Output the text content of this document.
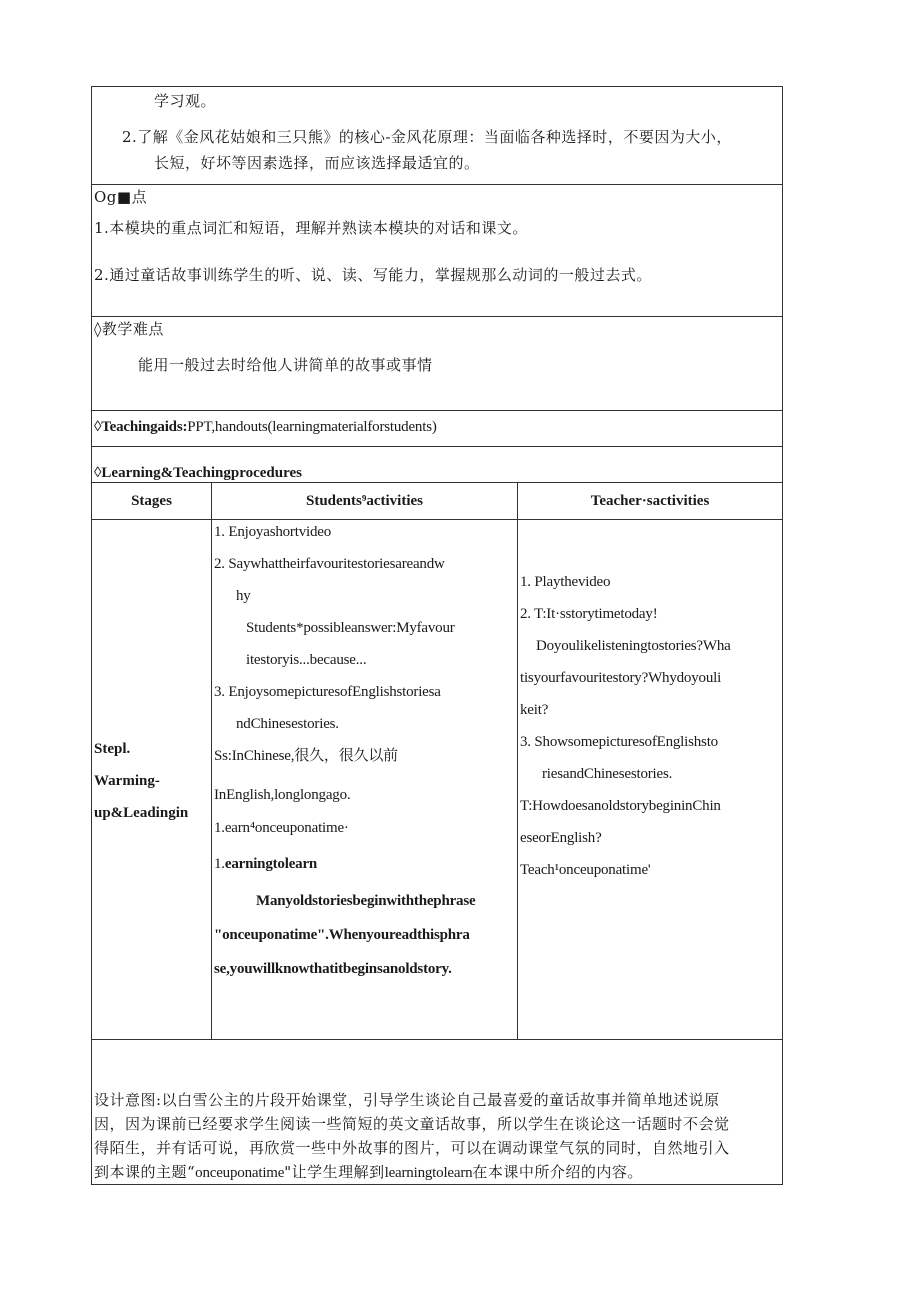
学习观。
2.了解《金风花姑娘和三只熊》的核心-金风花原理：当面临各种选择时，不要因为大小，
长短，好坏等因素选择，而应该选择最适宜的。
Og■点
1.本模块的重点词汇和短语，理解并熟读本模块的对话和课文。
2.通过童话故事训练学生的听、说、读、写能力，掌握规那么动词的一般过去式。
◊教学难点
能用一般过去时给他人讲简单的故事或事情
◊Teachingaids:PPT,handouts(learningmaterialforstudents)
◊Learning&Teachingprocedures
Stages	Students⁹activities	Teacher·sactivities
Stepl.
Warming-
up&Leadingin
1. Enjoyashortvideo
2. Saywhattheirfavouritestoriesareandw
hy
Students*possibleanswer:Myfavour
itestoryis...because...
3. EnjoysomepicturesofEnglishstoriesa
ndChinesestories.
Ss:InChinese,很久，很久以前
InEnglish,longlongago.
1.earn⁴onceuponatime·
1.earningtolearn
Manyoldstoriesbeginwiththephrase
"onceuponatime".Whenyoureadthisphra
se,youwillknowthatitbeginsanoldstory.
1. Playthevideo
2. T:It·sstorytimetoday!
Doyoulikelisteningtostories?Wha
tisyourfavouritestory?Whydoyouli
keit?
3. ShowsomepicturesofEnglishsto
riesandChinesestories.
T:HowdoesanoldstorybegininChin
eseorEnglish?
Teach¹onceuponatime'
设计意图:以白雪公主的片段开始课堂，引导学生谈论自己最喜爱的童话故事并简单地述说原
因，因为课前已经要求学生阅读一些简短的英文童话故事，所以学生在谈论这一话题时不会觉
得陌生，并有话可说，再欣赏一些中外故事的图片，可以在调动课堂气氛的同时，自然地引入
到本课的主题“onceuponatime"让学生理解到learningtolearn在本课中所介绍的内容。
